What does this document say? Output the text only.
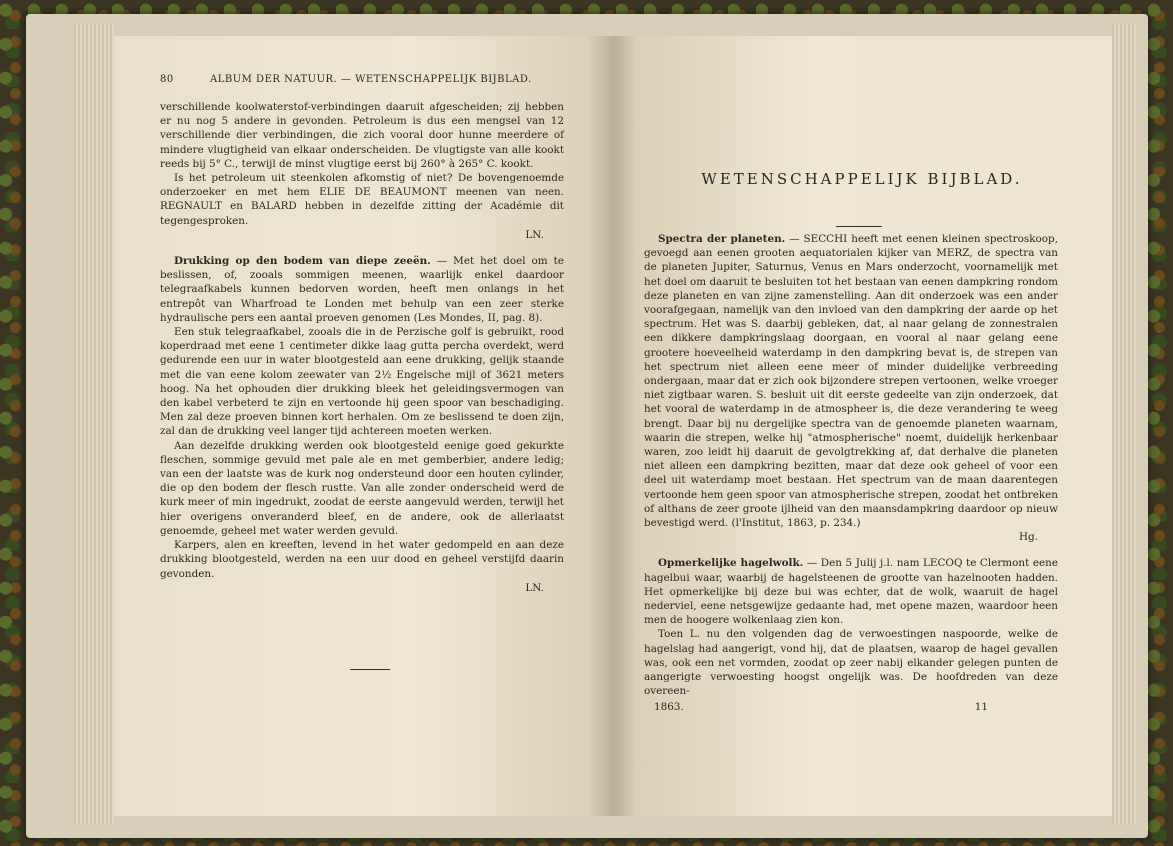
80	ALBUM DER NATUUR. — WETENSCHAPPELIJK BIJBLAD.

verschillende koolwaterstof-verbindingen daaruit afgescheiden; zij hebben er nu nog 5 andere in gevonden. Petroleum is dus een mengsel van 12 verschillende dier verbindingen, die zich vooral door hunne meerdere of mindere vlugtigheid van elkaar onderscheiden. De vlugtigste van alle kookt reeds bij 5° C., terwijl de minst vlugtige eerst bij 260° à 265° C. kookt.

Is het petroleum uit steenkolen afkomstig of niet? De bovengenoemde onderzoeker en met hem ELIE DE BEAUMONT meenen van neen. REGNAULT en BALARD hebben in dezelfde zitting der Académie dit tegengesproken.

LN.

Drukking op den bodem van diepe zeeën. — Met het doel om te beslissen, of, zooals sommigen meenen, waarlijk enkel daardoor telegraafkabels kunnen bedorven worden, heeft men onlangs in het entrepôt van Wharfroad te Londen met behulp van een zeer sterke hydraulische pers een aantal proeven genomen (Les Mondes, II, pag. 8).

Een stuk telegraafkabel, zooals die in de Perzische golf is gebruikt, rood koperdraad met eene 1 centimeter dikke laag gutta percha overdekt, werd gedurende een uur in water blootgesteld aan eene drukking, gelijk staande met die van eene kolom zeewater van 2½ Engelsche mijl of 3621 meters hoog. Na het ophouden dier drukking bleek het geleidingsvermogen van den kabel verbeterd te zijn en vertoonde hij geen spoor van beschadiging. Men zal deze proeven binnen kort herhalen. Om ze beslissend te doen zijn, zal dan de drukking veel langer tijd achtereen moeten werken.

Aan dezelfde drukking werden ook blootgesteld eenige goed gekurkte fleschen, sommige gevuld met pale ale en met gemberbier, andere ledig; van een der laatste was de kurk nog ondersteund door een houten cylinder, die op den bodem der flesch rustte. Van alle zonder onderscheid werd de kurk meer of min ingedrukt, zoodat de eerste aangevuld werden, terwijl het hier overigens onveranderd bleef, en de andere, ook de allerlaatst genoemde, geheel met water werden gevuld.

Karpers, alen en kreeften, levend in het water gedompeld en aan deze drukking blootgesteld, werden na een uur dood en geheel verstijfd daarin gevonden.

LN.
WETENSCHAPPELIJK BIJBLAD.

Spectra der planeten. — SECCHI heeft met eenen kleinen spectroskoop, gevoegd aan eenen grooten aequatorialen kijker van MERZ, de spectra van de planeten Jupiter, Saturnus, Venus en Mars onderzocht, voornamelijk met het doel om daaruit te besluiten tot het bestaan van eenen dampkring rondom deze planeten en van zijne zamenstelling. Aan dit onderzoek was een ander voorafgegaan, namelijk van den invloed van den dampkring der aarde op het spectrum. Het was S. daarbij gebleken, dat, al naar gelang de zonnestralen een dikkere dampkringslaag doorgaan, en vooral al naar gelang eene grootere hoeveelheid waterdamp in den dampkring bevat is, de strepen van het spectrum niet alleen eene meer of minder duidelijke verbreeding ondergaan, maar dat er zich ook bijzondere strepen vertoonen, welke vroeger niet zigtbaar waren. S. besluit uit dit eerste gedeelte van zijn onderzoek, dat het vooral de waterdamp in de atmospheer is, die deze verandering te weeg brengt. Daar bij nu dergelijke spectra van de genoemde planeten waarnam, waarin die strepen, welke hij "atmospherische" noemt, duidelijk herkenbaar waren, zoo leidt hij daaruit de gevolgtrekking af, dat derhalve die planeten niet alleen een dampkring bezitten, maar dat deze ook geheel of voor een deel uit waterdamp moet bestaan. Het spectrum van de maan daarentegen vertoonde hem geen spoor van atmospherische strepen, zoodat het ontbreken of althans de zeer groote ijlheid van den maansdampkring daardoor op nieuw bevestigd werd. (l'Institut, 1863, p. 234.)

Hg.

Opmerkelijke hagelwolk. — Den 5 Julij j.l. nam LECOQ te Clermont eene hagelbui waar, waarbij de hagelsteenen de grootte van hazelnooten hadden. Het opmerkelijke bij deze bui was echter, dat de wolk, waaruit de hagel nederviel, eene netsgewijze gedaante had, met opene mazen, waardoor heen men de hoogere wolkenlaag zien kon.

Toen L. nu den volgenden dag de verwoestingen naspoorde, welke de hagelslag had aangerigt, vond hij, dat de plaatsen, waarop de hagel gevallen was, ook een net vormden, zoodat op zeer nabij elkander gelegen punten de aangerigte verwoesting hoogst ongelijk was. De hoofdreden van deze overeen-

1863.	11
